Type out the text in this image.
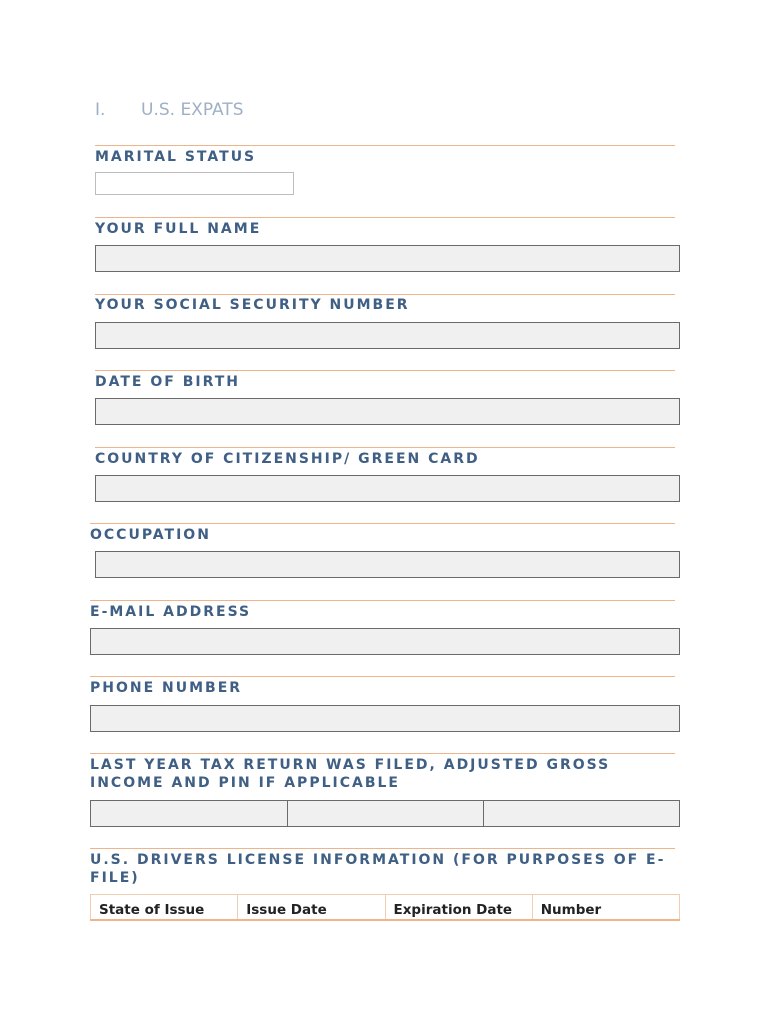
I. U.S. EXPATS
MARITAL STATUS
YOUR FULL NAME
YOUR SOCIAL SECURITY NUMBER
DATE OF BIRTH
COUNTRY OF CITIZENSHIP/ GREEN CARD
OCCUPATION
E-MAIL ADDRESS
PHONE NUMBER
LAST YEAR TAX RETURN WAS FILED, ADJUSTED GROSS
INCOME AND PIN IF APPLICABLE
U.S. DRIVERS LICENSE INFORMATION (FOR PURPOSES OF E-
FILE)
State of Issue	Issue Date	Expiration Date	Number
